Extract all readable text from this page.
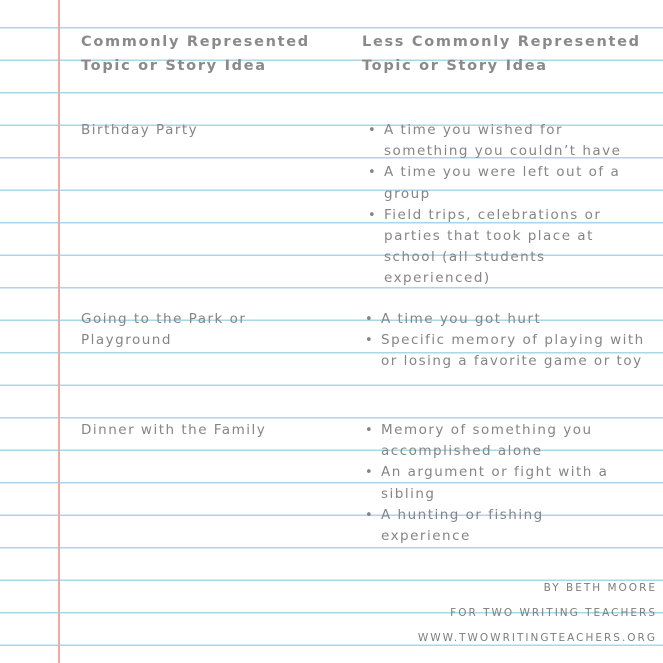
Commonly Represented Topic or Story Idea
Less Commonly Represented Topic or Story Idea
Birthday Party	• A time you wished for something you couldn’t have
• A time you were left out of a group
• Field trips, celebrations or parties that took place at school (all students experienced)
Going to the Park or Playground
• A time you got hurt
• Specific memory of playing with or losing a favorite game or toy
Dinner with the Family	• Memory of something you accomplished alone
• An argument or fight with a sibling
• A hunting or fishing experience
BY BETH MOORE
FOR TWO WRITING TEACHERS
WWW.TWOWRITINGTEACHERS.ORG
